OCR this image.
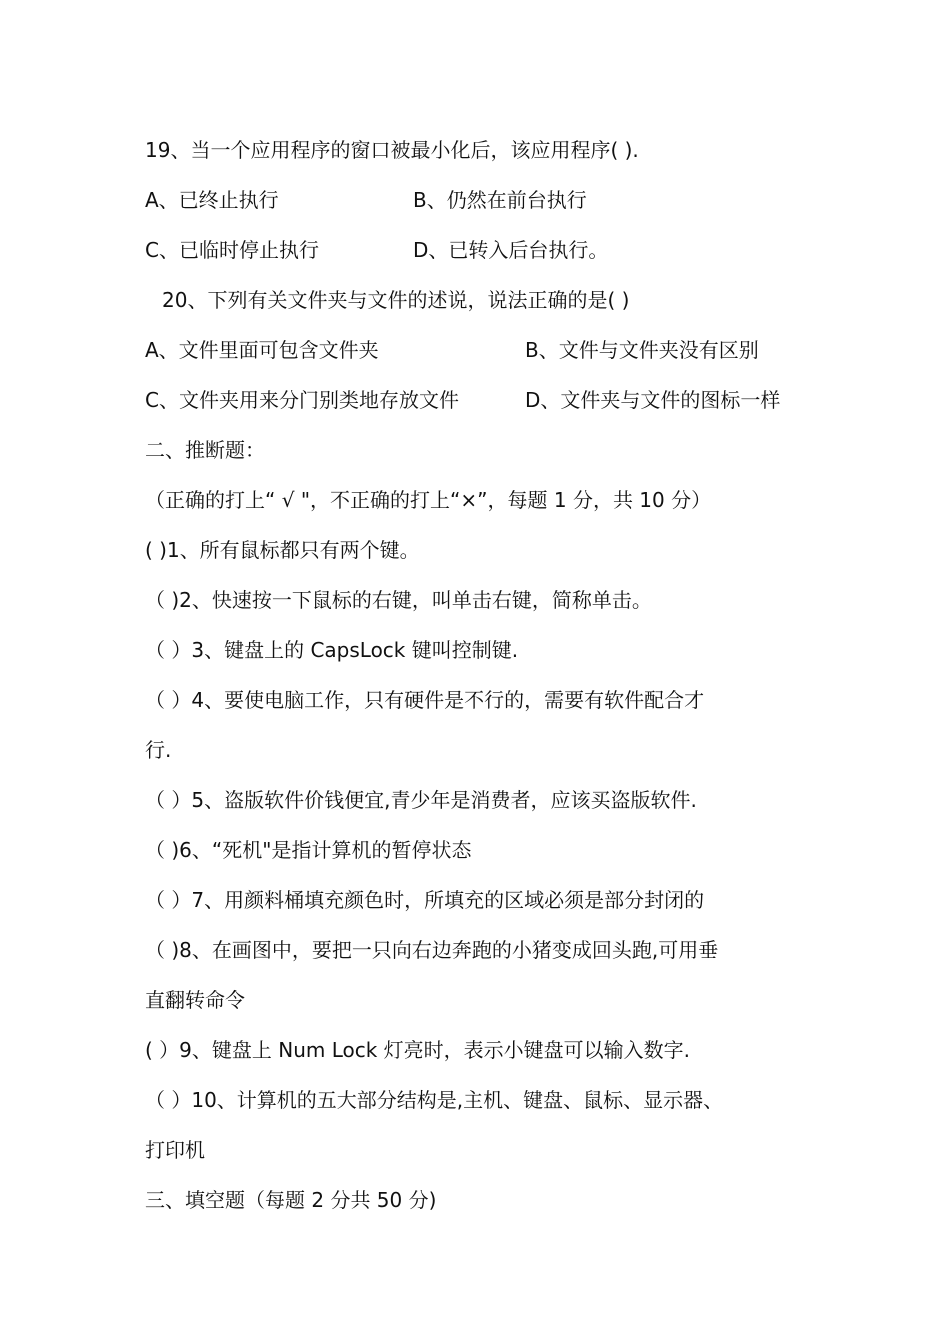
19、当一个应用程序的窗口被最小化后，该应用程序( ).
A、已终止执行	B、仍然在前台执行
C、已临时停止执行	D、已转入后台执行。
20、下列有关文件夹与文件的述说，说法正确的是( )
A、文件里面可包含文件夹	B、文件与文件夹没有区别
C、文件夹用来分门别类地存放文件	D、文件夹与文件的图标一样
二、推断题：
（正确的打上“ √ "，不正确的打上“×”，每题 1 分，共 10 分）
( )1、所有鼠标都只有两个键。
（ )2、快速按一下鼠标的右键，叫单击右键，简称单击。
（ ）3、键盘上的 CapsLock 键叫控制键.
（ ）4、要使电脑工作，只有硬件是不行的，需要有软件配合才
行.
（ ）5、盗版软件价钱便宜,青少年是消费者，应该买盗版软件.
（ )6、“死机"是指计算机的暂停状态
（ ）7、用颜料桶填充颜色时，所填充的区域必须是部分封闭的
（ )8、在画图中，要把一只向右边奔跑的小猪变成回头跑,可用垂
直翻转命令
( ）9、键盘上 Num Lock 灯亮时，表示小键盘可以输入数字.
（ ）10、计算机的五大部分结构是,主机、键盘、鼠标、显示器、
打印机
三、填空题（每题 2 分共 50 分)
